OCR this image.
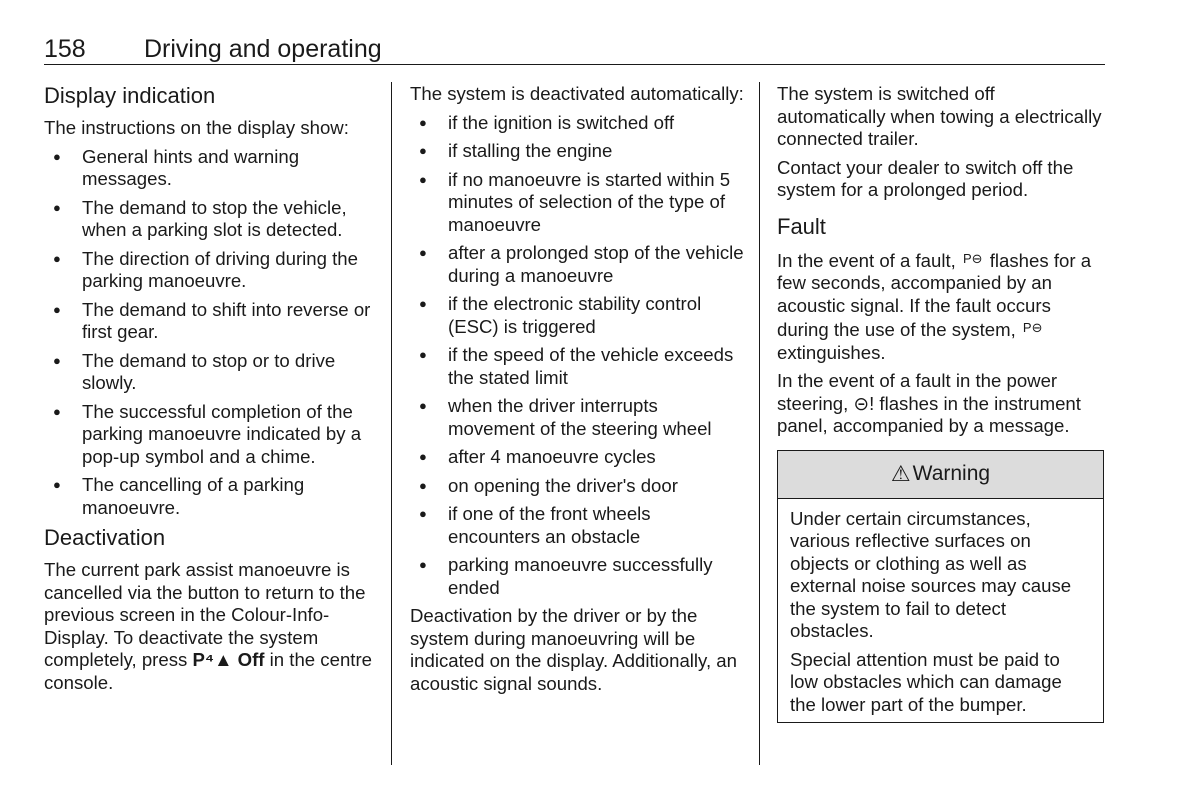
158 Driving and operating
Display indication

The instructions on the display show:

● General hints and warning messages.
● The demand to stop the vehicle, when a parking slot is detected.
● The direction of driving during the parking manoeuvre.
● The demand to shift into reverse or first gear.
● The demand to stop or to drive slowly.
● The successful completion of the parking manoeuvre indicated by a pop-up symbol and a chime.
● The cancelling of a parking manoeuvre.
Deactivation

The current park assist manoeuvre is cancelled via the button to return to the previous screen in the Colour-Info-Display. To deactivate the system completely, press P⁴▲ Off in the centre console.

The system is deactivated automatically:

● if the ignition is switched off
● if stalling the engine
● if no manoeuvre is started within 5 minutes of selection of the type of manoeuvre
● after a prolonged stop of the vehicle during a manoeuvre
● if the electronic stability control (ESC) is triggered
● if the speed of the vehicle exceeds the stated limit
● when the driver interrupts movement of the steering wheel
● after 4 manoeuvre cycles
● on opening the driver's door
● if one of the front wheels encounters an obstacle
● parking manoeuvre successfully ended

Deactivation by the driver or by the system during manoeuvring will be indicated on the display. Additionally, an acoustic signal sounds.

The system is switched off automatically when towing a electrically connected trailer.

Contact your dealer to switch off the system for a prolonged period.

Fault

In the event of a fault, P⊖ flashes for a few seconds, accompanied by an acoustic signal. If the fault occurs during the use of the system, P⊖ extinguishes.

In the event of a fault in the power steering, ⊝! flashes in the instrument panel, accompanied by a message.

⚠ Warning

Under certain circumstances, various reflective surfaces on objects or clothing as well as external noise sources may cause the system to fail to detect obstacles.

Special attention must be paid to low obstacles which can damage the lower part of the bumper.
